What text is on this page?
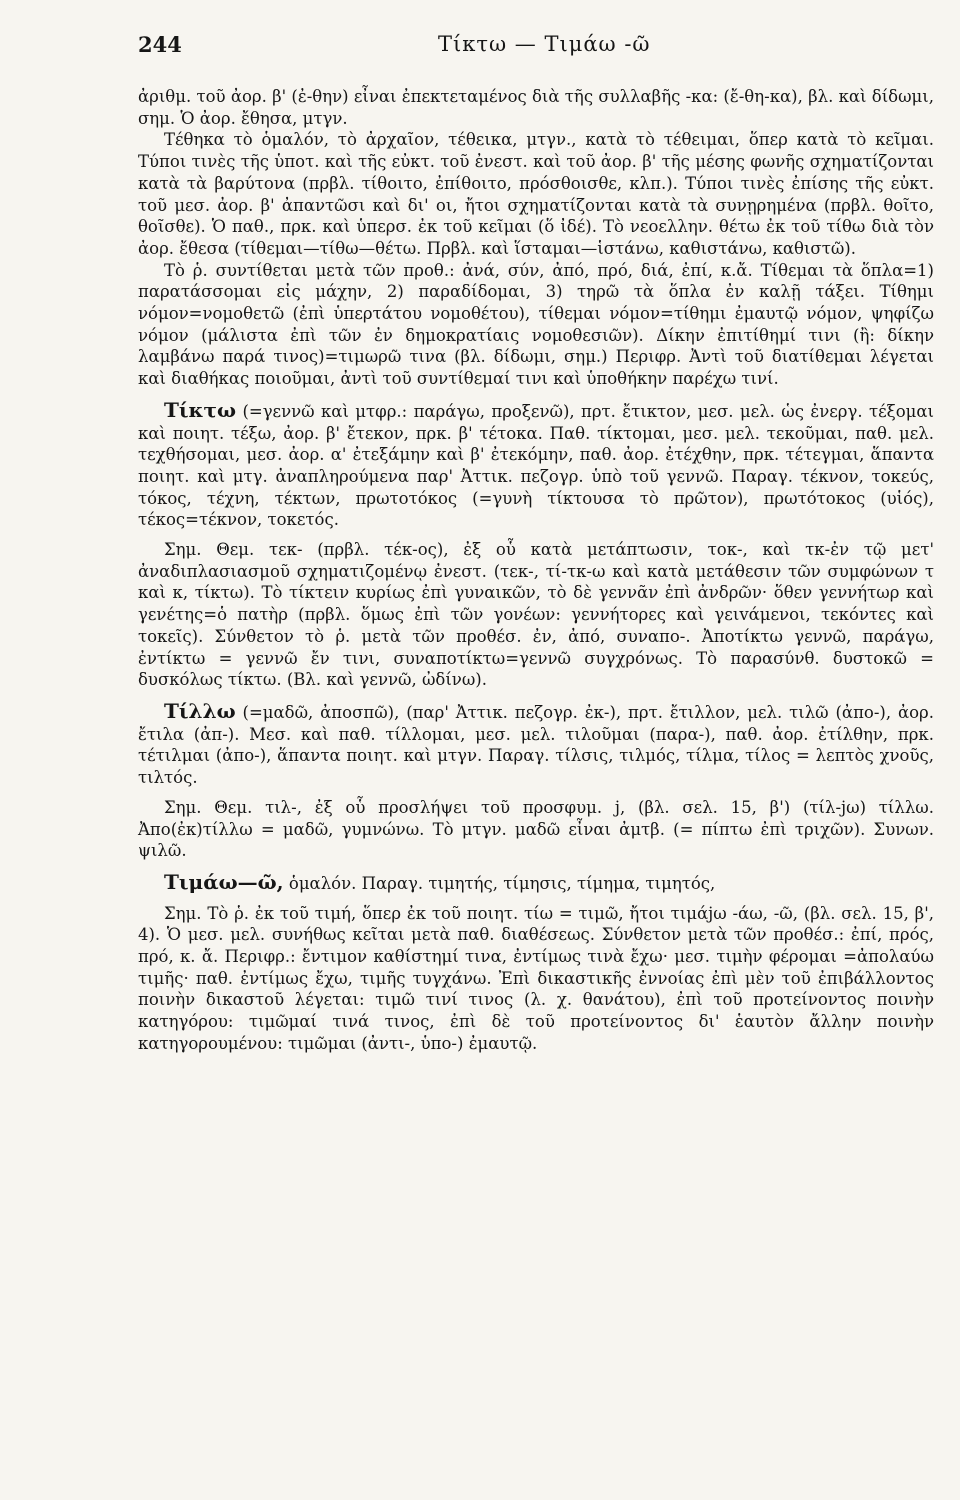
244	Τίκτω — Τιμάω -ῶ

ἀριθμ. τοῦ ἀορ. β' (ἐ-θην) εἶναι ἐπεκτεταμένος διὰ τῆς συλλαβῆς -κα: (ἔ-θη-κα), βλ. καὶ δίδωμι, σημ. Ὁ ἀορ. ἔθησα, μτγν.

Τέθηκα τὸ ὁμαλόν, τὸ ἀρχαῖον, τέθεικα, μτγν., κατὰ τὸ τέθειμαι, ὅπερ κατὰ τὸ κεῖμαι. Τύποι τινὲς τῆς ὑποτ. καὶ τῆς εὐκτ. τοῦ ἐνεστ. καὶ τοῦ ἀορ. β' τῆς μέσης φωνῆς σχηματίζονται κατὰ τὰ βαρύτονα (πρβλ. τίθοιτο, ἐπίθοιτο, πρόσθοισθε, κλπ.). Τύποι τινὲς ἐπίσης τῆς εὐκτ. τοῦ μεσ. ἀορ. β' ἀπαντῶσι καὶ δι' οι, ἤτοι σχηματίζονται κατὰ τὰ συνῃρημένα (πρβλ. θοῖτο, θοῖσθε). Ὁ παθ., πρκ. καὶ ὑπερσ. ἐκ τοῦ κεῖμαι (ὅ ἰδέ). Τὸ νεοελλην. θέτω ἐκ τοῦ τίθω διὰ τὸν ἀορ. ἔθεσα (τίθεμαι—τίθω—θέτω. Πρβλ. καὶ ἵσταμαι—ἱστάνω, καθιστάνω, καθιστῶ).

Τὸ ῥ. συντίθεται μετὰ τῶν προθ.: ἀνά, σύν, ἀπό, πρό, διά, ἐπί, κ.ἄ. Τίθεμαι τὰ ὅπλα=1) παρατάσσομαι εἰς μάχην, 2) παραδίδομαι, 3) τηρῶ τὰ ὅπλα ἐν καλῇ τάξει. Τίθημι νόμον=νομοθετῶ (ἐπὶ ὑπερτάτου νομοθέτου), τίθεμαι νόμον=τίθημι ἐμαυτῷ νόμον, ψηφίζω νόμον (μάλιστα ἐπὶ τῶν ἐν δημοκρατίαις νομοθεσιῶν). Δίκην ἐπιτίθημί τινι (ἢ: δίκην λαμβάνω παρά τινος)=τιμωρῶ τινα (βλ. δίδωμι, σημ.) Περιφρ. Ἀντὶ τοῦ διατίθεμαι λέγεται καὶ διαθήκας ποιοῦμαι, ἀντὶ τοῦ συντίθεμαί τινι καὶ ὑποθήκην παρέχω τινί.

Τίκτω (=γεννῶ καὶ μτφρ.: παράγω, προξενῶ), πρτ. ἔτικτον, μεσ. μελ. ὡς ἐνεργ. τέξομαι καὶ ποιητ. τέξω, ἀορ. β' ἔτεκον, πρκ. β' τέτοκα. Παθ. τίκτομαι, μεσ. μελ. τεκοῦμαι, παθ. μελ. τεχθήσομαι, μεσ. ἀορ. α' ἐτεξάμην καὶ β' ἐτεκόμην, παθ. ἀορ. ἐτέχθην, πρκ. τέτεγμαι, ἅπαντα ποιητ. καὶ μτγ. ἀναπληρούμενα παρ' Ἀττικ. πεζογρ. ὑπὸ τοῦ γεννῶ. Παραγ. τέκνον, τοκεύς, τόκος, τέχνη, τέκτων, πρωτοτόκος (=γυνὴ τίκτουσα τὸ πρῶτον), πρωτότοκος (υἱός), τέκος=τέκνον, τοκετός.

Σημ. Θεμ. τεκ- (πρβλ. τέκ-ος), ἐξ οὗ κατὰ μετάπτωσιν, τοκ-, καὶ τκ-ἐν τῷ μετ' ἀναδιπλασιασμοῦ σχηματιζομένῳ ἐνεστ. (τεκ-, τί-τκ-ω καὶ κατὰ μετάθεσιν τῶν συμφώνων τ καὶ κ, τίκτω). Τὸ τίκτειν κυρίως ἐπὶ γυναικῶν, τὸ δὲ γεννᾶν ἐπὶ ἀνδρῶν· ὅθεν γεννήτωρ καὶ γενέτης=ὁ πατὴρ (πρβλ. ὅμως ἐπὶ τῶν γονέων: γεννήτορες καὶ γειvάμενοι, τεκόντες καὶ τοκεῖς). Σύνθετον τὸ ῥ. μετὰ τῶν προθέσ. ἐν, ἀπό, συναπο-. Ἀποτίκτω γεννῶ, παράγω, ἐντίκτω = γεννῶ ἔν τινι, συναποτίκτω=γεννῶ συγχρόνως. Τὸ παρασύνθ. δυστοκῶ = δυσκόλως τίκτω. (Βλ. καὶ γεννῶ, ὠδίνω).

Τίλλω (=μαδῶ, ἀποσπῶ), (παρ' Ἀττικ. πεζογρ. ἐκ-), πρτ. ἔτιλλον, μελ. τιλῶ (ἀπο-), ἀορ. ἔτιλα (ἀπ-). Μεσ. καὶ παθ. τίλλομαι, μεσ. μελ. τιλοῦμαι (παρα-), παθ. ἀορ. ἐτίλθην, πρκ. τέτιλμαι (ἀπο-), ἅπαντα ποιητ. καὶ μτγν. Παραγ. τίλσις, τιλμός, τίλμα, τίλος = λεπτὸς χνοῦς, τιλτός.

Σημ. Θεμ. τιλ-, ἐξ οὗ προσλήψει τοῦ προσφυμ. j, (βλ. σελ. 15, β') (τίλ-jω) τίλλω. Ἀπο(ἐκ)τίλλω = μαδῶ, γυμνώνω. Τὸ μτγν. μαδῶ εἶναι ἀμτβ. (= πίπτω ἐπὶ τριχῶν). Συνων. ψιλῶ.

Τιμάω—ῶ, ὁμαλόν. Παραγ. τιμητής, τίμησις, τίμημα, τιμητός,

Σημ. Τὸ ῥ. ἐκ τοῦ τιμή, ὅπερ ἐκ τοῦ ποιητ. τίω = τιμῶ, ἤτοι τιμάjω -άω, -ῶ, (βλ. σελ. 15, β', 4). Ὁ μεσ. μελ. συνήθως κεῖται μετὰ παθ. διαθέσεως. Σύνθετον μετὰ τῶν προθέσ.: ἐπί, πρός, πρό, κ. ἄ. Περιφρ.: ἔντιμον καθίστημί τινα, ἐντίμως τινὰ ἔχω· μεσ. τιμὴν φέρομαι =ἀπολαύω τιμῆς· παθ. ἐντίμως ἔχω, τιμῆς τυγχάνω. Ἐπὶ δικαστικῆς ἐννοίας ἐπὶ μὲν τοῦ ἐπιβάλλοντος ποινὴν δικαστοῦ λέγεται: τιμῶ τινί τινος (λ. χ. θανάτου), ἐπὶ τοῦ προτείνοντος ποινὴν κατηγόρου: τιμῶμαί τινά τινος, ἐπὶ δὲ τοῦ προτείνοντος δι' ἑαυτὸν ἄλλην ποινὴν κατηγορουμένου: τιμῶμαι (ἀντι-, ὑπο-) ἐμαυτῷ.
